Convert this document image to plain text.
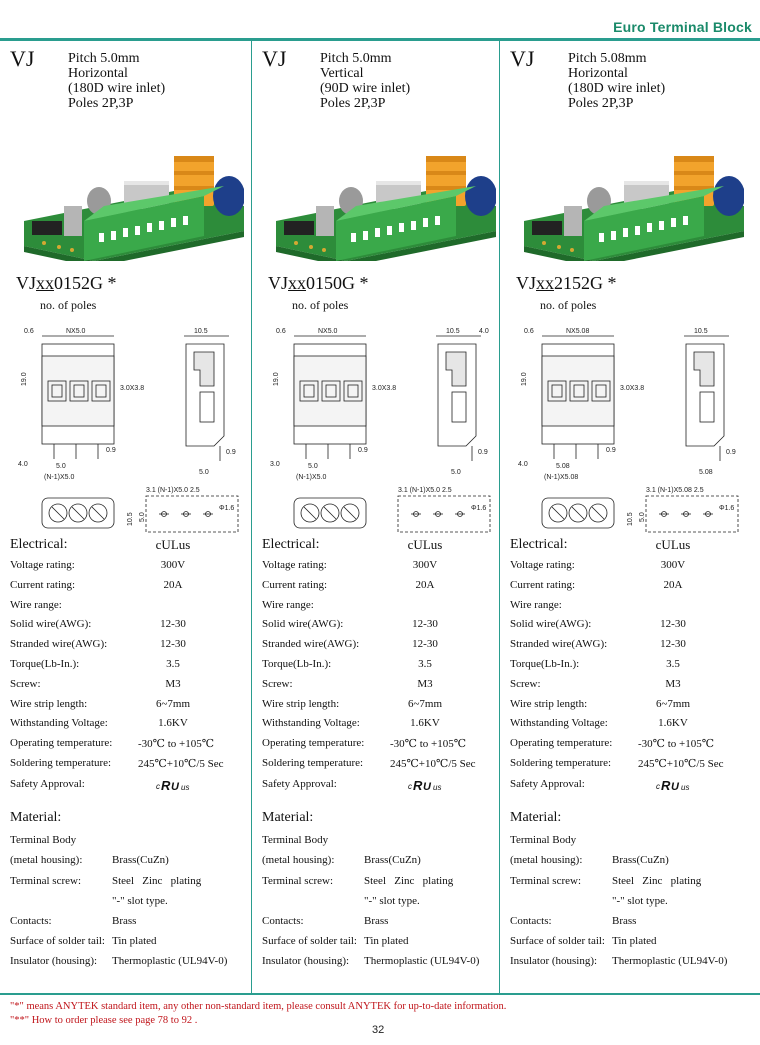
Euro Terminal Block
VJ Pitch 5.0mm
Horizontal
(180D wire inlet)
Poles 2P,3P
VJxx0152G *
no. of poles
0.6	NX5.0
19.0
3.0X3.8
0.9
5.0
(N-1)X5.0
4.0
10.5
0.9
5.0
3.1 (N-1)X5.0 2.5
Φ1.6
10.5 5.0
Electrical:	cULus
Voltage rating:	300V
Current rating:	20A
Wire range:
Solid wire(AWG):	12-30
Stranded wire(AWG):	12-30
Torque(Lb-In.):	3.5
Screw:	M3
Wire strip length:	6~7mm
Withstanding Voltage:	1.6KV
Operating temperature: -30℃ to +105℃
Soldering temperature: 245℃+10℃/5 Sec
Safety Approval:	c R U us
Material:
Terminal Body
(metal housing):	Brass(CuZn)
Terminal screw:	Steel   Zinc   plating
"-" slot type.
Contacts:	Brass
Surface of solder tail: Tin plated
Insulator (housing): Thermoplastic (UL94V-0)
VJ Pitch 5.0mm
Vertical
(90D wire inlet)
Poles 2P,3P
VJxx0150G *
no. of poles
0.6	NX5.0
19.0
3.0X3.8
0.9
5.0
(N-1)X5.0
3.0
10.5	4.0
0.9
5.0
3.1 (N-1)X5.0 2.5
Φ1.6
Electrical:	cULus
Voltage rating:	300V
Current rating:	20A
Wire range:
Solid wire(AWG):	12-30
Stranded wire(AWG):	12-30
Torque(Lb-In.):	3.5
Screw:	M3
Wire strip length:	6~7mm
Withstanding Voltage:	1.6KV
Operating temperature: -30℃ to +105℃
Soldering temperature: 245℃+10℃/5 Sec
Safety Approval:	c R U us
Material:
Terminal Body
(metal housing):	Brass(CuZn)
Terminal screw:	Steel   Zinc   plating
"-" slot type.
Contacts:	Brass
Surface of solder tail: Tin plated
Insulator (housing): Thermoplastic (UL94V-0)
VJ Pitch 5.08mm
Horizontal
(180D wire inlet)
Poles 2P,3P
VJxx2152G *
no. of poles
0.6	NX5.08
19.0
3.0X3.8
0.9
5.08
(N-1)X5.08
4.0
10.5
0.9
5.08
3.1 (N-1)X5.08 2.5
Φ1.6
10.5 5.0
Electrical:	cULus
Voltage rating:	300V
Current rating:	20A
Wire range:
Solid wire(AWG):	12-30
Stranded wire(AWG):	12-30
Torque(Lb-In.):	3.5
Screw:	M3
Wire strip length:	6~7mm
Withstanding Voltage:	1.6KV
Operating temperature: -30℃ to +105℃
Soldering temperature: 245℃+10℃/5 Sec
Safety Approval:	c R U us
Material:
Terminal Body
(metal housing):	Brass(CuZn)
Terminal screw:	Steel   Zinc   plating
"-" slot type.
Contacts:	Brass
Surface of solder tail: Tin plated
Insulator (housing): Thermoplastic (UL94V-0)
"*" means ANYTEK standard item, any other non-standard item, please consult ANYTEK for up-to-date information.
"**" How to order please see page 78 to 92 .
32
